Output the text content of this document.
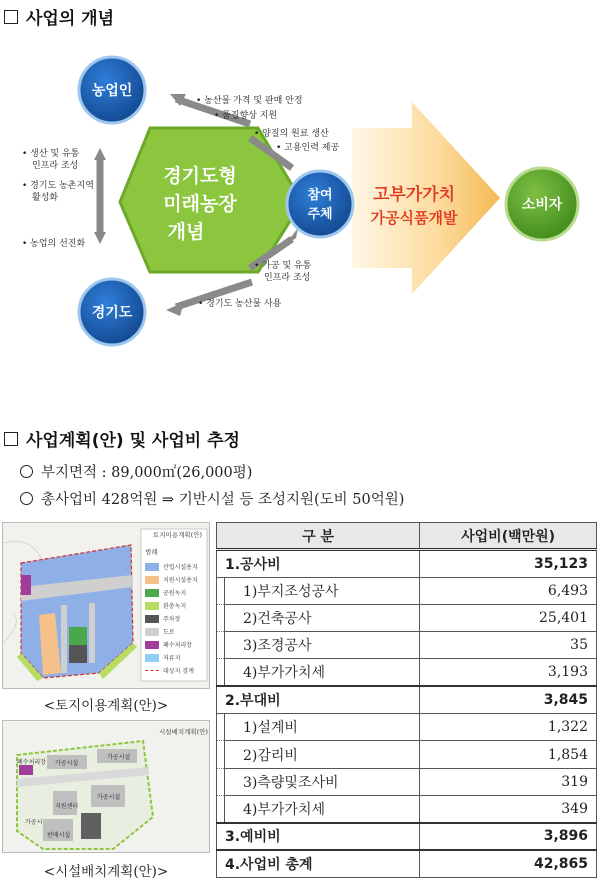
사업의 개념
농업인
경기도
참여
주체
소비자
경기도형
미래농장
개념
고부가가치
가공식품개발
• 농산물 가격 및 판매 안정
• 품질향상 지원
• 양질의 원료 생산
• 고용인력 제공
• 생산 및 유통
인프라 조성
• 경기도 농촌지역
활성화
• 농업의 선진화
• 가공 및 유통
인프라 조성
• 경기도 농산물 사용
사업계획(안) 및 사업비 추정
부지면적 : 89,000㎡(26,000평)
총사업비 428억원 ⇒ 기반시설 등 조성지원(도비 50억원)
토지이용계획(안)
범례
산업시설용지
지원시설용지
공원녹지
완충녹지
주차장
도로
폐수처리장
저류지
대상지 경계
<토지이용계획(안)>
시설배치계획(안)
폐수처리장 가공시설
가공시설
가공시설
지원센터
판매시설
가공시
<시설배치계획(안)>
구 분		사업비(백만원)
1.공사비		35,123
	1)부지조성공사	6,493
	2)건축공사	25,401
	3)조경공사	35
	4)부가가치세	3,193
2.부대비		3,845
	1)설계비	1,322
	2)감리비	1,854
	3)측량및조사비	319
	4)부가가치세	349
3.예비비		3,896
4.사업비 총계		42,865
